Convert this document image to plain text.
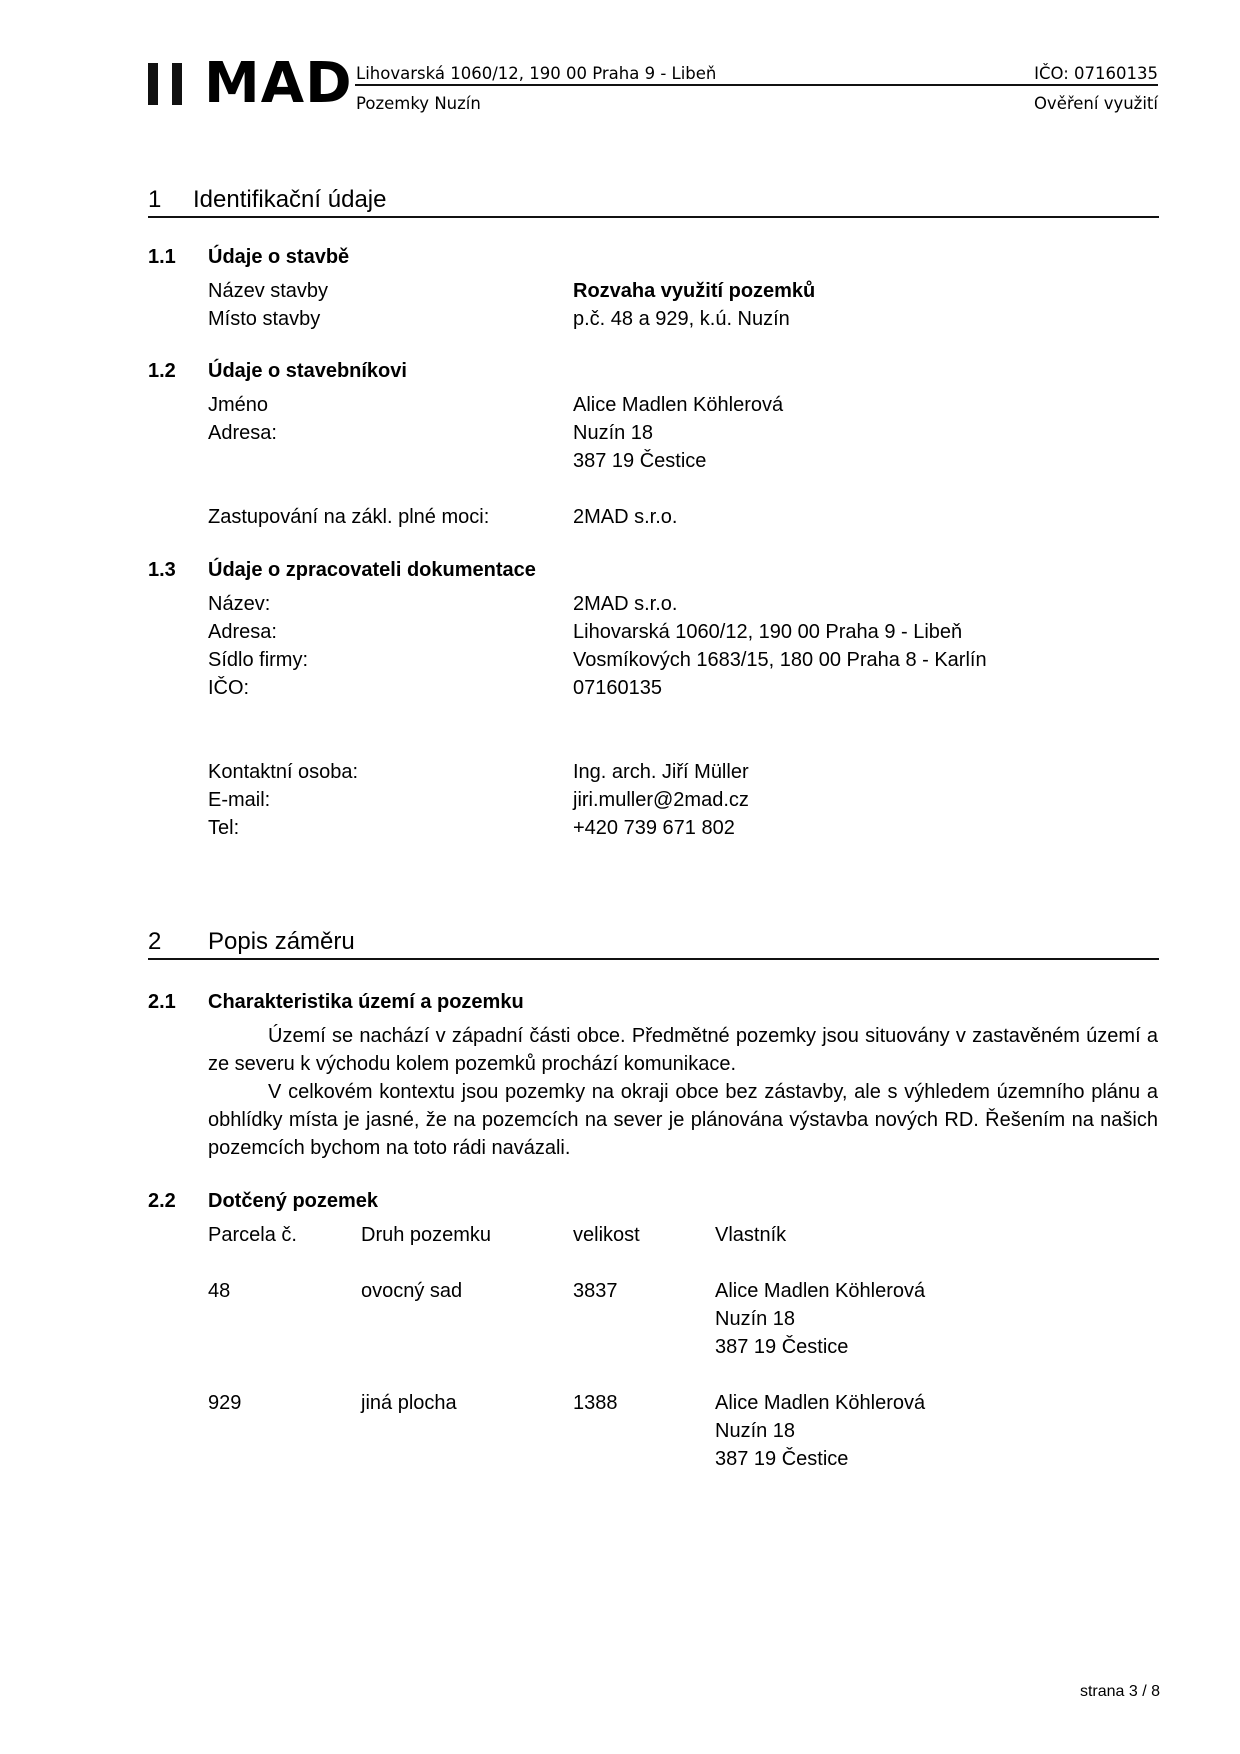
MAD Lihovarská 1060/12, 190 00 Praha 9 - Libeň	IČO: 07160135
Pozemky Nuzín	Ověření využití
1 Identifikační údaje
1.1 Údaje o stavbě
Název stavby	Rozvaha využití pozemků
Místo stavby	p.č. 48 a 929, k.ú. Nuzín
1.2 Údaje o stavebníkovi
Jméno	Alice Madlen Köhlerová
Adresa:	Nuzín 18
387 19 Čestice
Zastupování na zákl. plné moci:	2MAD s.r.o.
1.3 Údaje o zpracovateli dokumentace
Název:	2MAD s.r.o.
Adresa:	Lihovarská 1060/12, 190 00 Praha 9 - Libeň
Sídlo firmy:	Vosmíkových 1683/15, 180 00 Praha 8 - Karlín
IČO:	07160135
Kontaktní osoba:	Ing. arch. Jiří Müller
E-mail:	jiri.muller@2mad.cz
Tel:	+420 739 671 802
2 Popis záměru
2.1 Charakteristika území a pozemku

Území se nachází v západní části obce. Předmětné pozemky jsou situovány v zastavěném území a ze severu k východu kolem pozemků prochází komunikace.

V celkovém kontextu jsou pozemky na okraji obce bez zástavby, ale s výhledem územního plánu a obhlídky místa je jasné, že na pozemcích na sever je plánována výstavba nových RD. Řešením na našich pozemcích bychom na toto rádi navázali.

2.2 Dotčený pozemek
Parcela č.	Druh pozemku	velikost	Vlastník
48	ovocný sad	3837	Alice Madlen Köhlerová
Nuzín 18
387 19 Čestice
929	jiná plocha	1388	Alice Madlen Köhlerová
Nuzín 18
387 19 Čestice
strana 3 / 8
